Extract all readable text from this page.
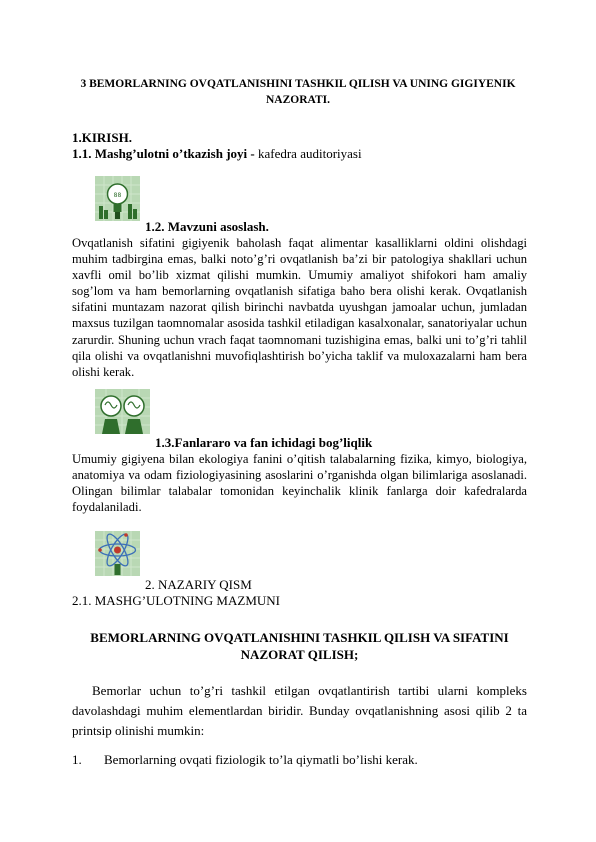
3 BEMORLARNING OVQATLANISHINI TASHKIL QILISH VA UNING GIGIYENIK NAZORATI.
1.KIRISH.
1.1. Mashg’ulotni o’tkazish joyi - kafedra auditoriyasi
88
1.2. Mavzuni asoslash.
Ovqatlanish sifatini gigiyenik baholash faqat alimentar kasalliklarni oldini olishdagi muhim tadbirgina emas, balki noto’g’ri ovqatlanish ba’zi bir patologiya shakllari uchun xavfli omil bo’lib xizmat qilishi mumkin. Umumiy amaliyot shifokori ham amaliy sog’lom va ham bemorlarning ovqatlanish sifatiga baho bera olishi kerak. Ovqatlanish sifatini muntazam nazorat qilish birinchi navbatda uyushgan jamoalar uchun, jumladan maxsus tuzilgan taomnomalar asosida tashkil etiladigan kasalxonalar, sanatoriyalar uchun zarurdir. Shuning uchun vrach faqat taomnomani tuzishigina emas, balki uni to’g’ri tahlil qila olishi va ovqatlanishni muvofiqlashtirish bo’yicha taklif va muloxazalarni ham bera olishi kerak.
1.3.Fanlararo va fan ichidagi bog’liqlik
Umumiy gigiyena bilan ekologiya fanini o’qitish talabalarning fizika, kimyo, biologiya, anatomiya va odam fiziologiyasining asoslarini o’rganishda olgan bilimlariga asoslanadi. Olingan bilimlar talabalar tomonidan keyinchalik klinik fanlarga doir kafedralarda foydalaniladi.
2. NAZARIY QISM
2.1. MASHG’ULOTNING MAZMUNI
BEMORLARNING OVQATLANISHINI TASHKIL QILISH VA SIFATINI NAZORAT QILISH;
Bemorlar uchun to’g’ri tashkil etilgan ovqatlantirish tartibi ularni kompleks davolashdagi muhim elementlardan biridir. Bunday ovqatlanishning asosi qilib 2 ta printsip olinishi mumkin:
1. Bemorlarning ovqati fiziologik to’la qiymatli bo’lishi kerak.
